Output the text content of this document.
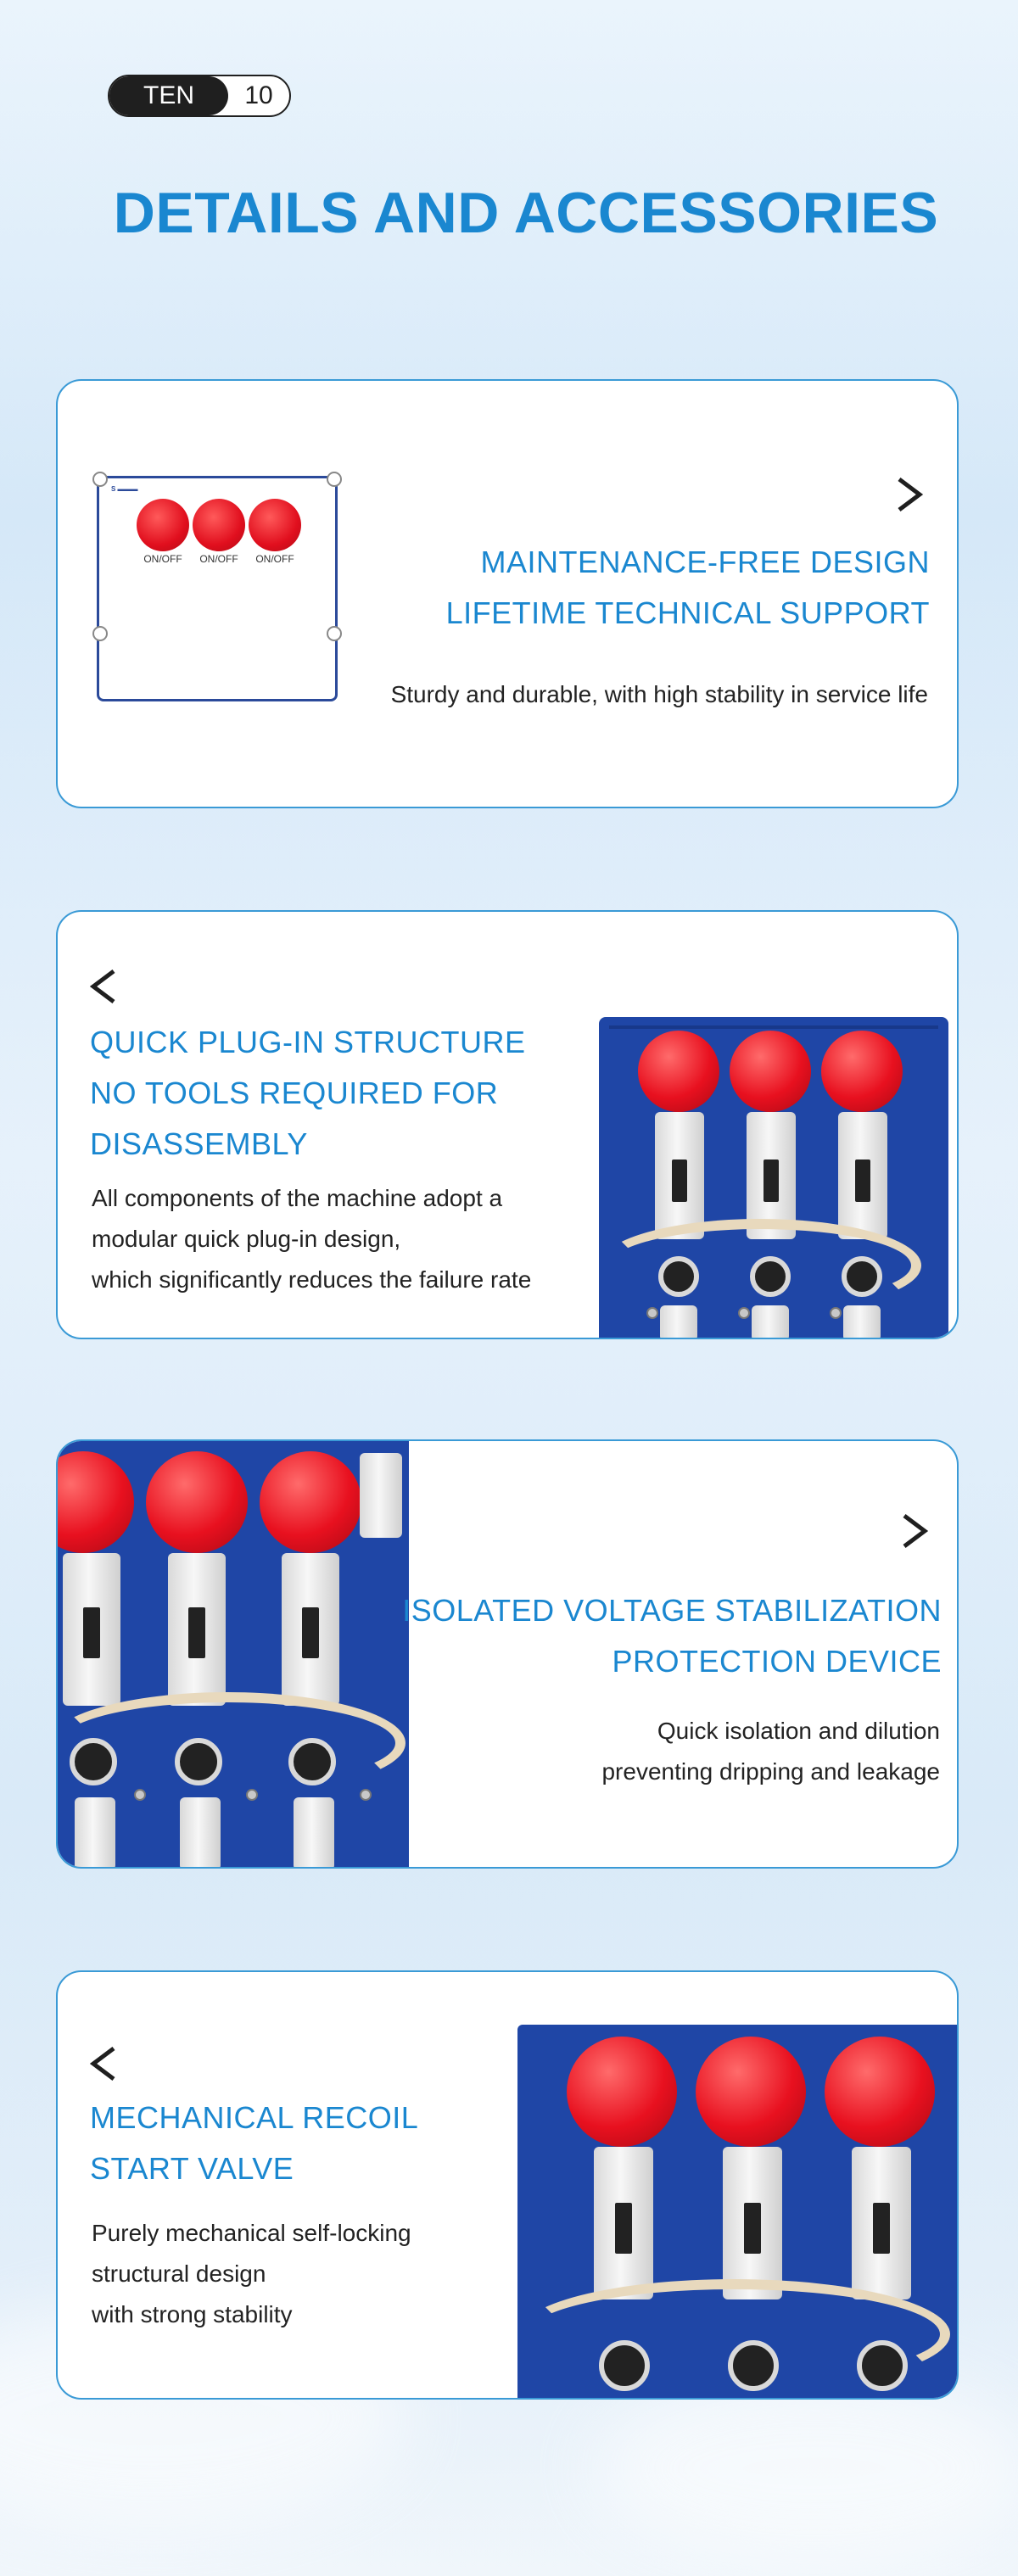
TEN	10
DETAILS AND ACCESSORIES
S ▬▬▬
ON/OFF	ON/OFF	ON/OFF	MAINTENANCE-FREE DESIGN
LIFETIME TECHNICAL SUPPORT
Sturdy and durable, with high stability in service life
QUICK PLUG-IN STRUCTURE
NO TOOLS REQUIRED FOR
DISASSEMBLY
All components of the machine adopt a
modular quick plug-in design,
which significantly reduces the failure rate
ISOLATED VOLTAGE STABILIZATION
PROTECTION DEVICE
Quick isolation and dilution
preventing dripping and leakage
MECHANICAL RECOIL
START VALVE
Purely mechanical self-locking
structural design
with strong stability
